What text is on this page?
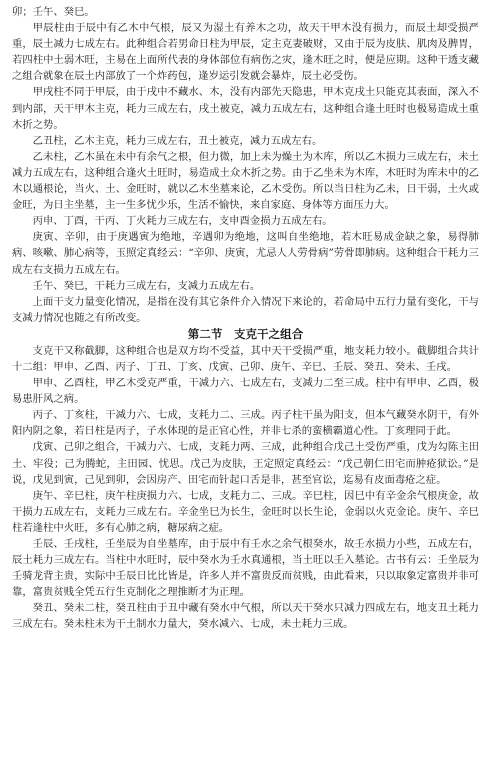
卯；壬午、癸巳。

甲辰柱由于辰中有乙木中气根，辰又为湿土有养木之功，故天干甲木没有损力，而辰土却受损严重，辰土减力七成左右。此种组合若男命日柱为甲辰，定主克妻破财，又由于辰为皮肤、肌肉及脾胃，若四柱中土弱木旺，主易在上面所代表的身体部位有病伤之灾，逢木旺之时，便是应期。这种干透支藏之组合就象在辰土内部放了一个炸药包，逢岁运引发就会暴炸，辰土必受伤。

甲戌柱不同于甲辰，由于戌中不藏水、木，没有内部先天隐患，甲木克戌土只能克其表面，深入不到内部，天干甲木主克，耗力三成左右，戌土被克，减力五成左右，这种组合逢土旺时也极易造成土重木折之势。

乙丑柱，乙木主克，耗力三成左右，丑土被克，减力五成左右。

乙未柱，乙木虽在未中有余气之根，但力微，加上未为燥土为木库，所以乙木损力三成左右，未土减力五成左右，这种组合逢火土旺时，易造成土众木折之势。由于乙坐未为木库，木旺时为库未中的乙木以通根论，当火、土、金旺时，就以乙木坐墓来论，乙木受伤。所以当日柱为乙未，日干弱，土火或金旺，为日主坐墓，主一生多忧少乐，生活不愉快，来自家庭、身体等方面压力大。

丙申、丁酉，干丙、丁火耗力三成左右，支申酉金损力五成左右。

庚寅、辛卯，由于庚遇寅为绝地，辛遇卯为绝地，这叫自坐绝地，若木旺易成金缺之象，易得肺病、咳嗽、肺心病等，玉照定真经云：“辛卯、庚寅，尤忌人人劳骨病”劳骨即肺病。这种组合干耗力三成左右支损力五成左右。

壬午、癸巳，干耗力三成左右，支减力五成左右。

上面干支力量变化情况，是指在没有其它条件介入情况下来论的，若命局中五行力量有变化，干与支减力情况也随之有所改变。

第二节　支克干之组合

支克干又称截脚，这种组合也是双方均不受益，其中天干受损严重，地支耗力较小。截脚组合共计十二组：甲申、乙酉、丙子、丁丑、丁亥、戊寅、己卯、庚午、辛巳、壬辰、癸丑、癸未、壬戌。

甲申、乙酉柱，甲乙木受克严重，干减力六、七成左右，支减力二至三成。柱中有甲申、乙酉，极易患肝风之病。

丙子、丁亥柱，干减力六、七成，支耗力二、三成。丙子柱干虽为阳支，但本气藏癸水阴干，有外阳内阴之象，若日柱是丙子，子水体现的是正官心性，并非七杀的蛮横霸道心性。丁亥理同于此。

戊寅、己卯之组合，干减力六、七成，支耗力两、三成，此种组合戊己土受伤严重，戊为勾陈主田土、牢役；己为腾蛇，主田园、忧思。戊己为皮肤，王定照定真经云：“戊己朝仁田宅而肿疮狱讼。”是说，戊见到寅，己见到卯，会因房产、田宅而针起口舌是非，甚至官讼，迄易有皮面毒疮之症。

庚午、辛巳柱，庚午柱庚损力六、七成，支耗力二、三成。辛巳柱，因巳中有辛金余气根庚金，故干损力五成左右，支耗力三成左右。辛金坐巳为长生，金旺时以长生论，金弱以火克金论。庚午、辛巳柱若逢柱中火旺，多有心肺之病，糖尿病之症。

壬辰、壬戌柱，壬坐辰为自坐墓库，由于辰中有壬水之余气根癸水，故壬水损力小些，五成左右，辰土耗力三成左右。当柱中水旺时，辰中癸水为壬水真通根，当土旺以壬入墓论。古书有云：壬坐辰为壬骑龙背主贵，实际中壬辰日比比皆是，许多人并不富贵反而贫贱，由此看来，只以取象定富贵并非可靠，富贵贫贱全凭五行生克制化之理推断才为正理。

癸丑、癸未二柱，癸丑柱由于丑中藏有癸水中气根，所以天干癸水只减力四成左右，地支丑土耗力三成左右。癸未柱未为干土制水力量大，癸水减六、七成，未土耗力三成。
